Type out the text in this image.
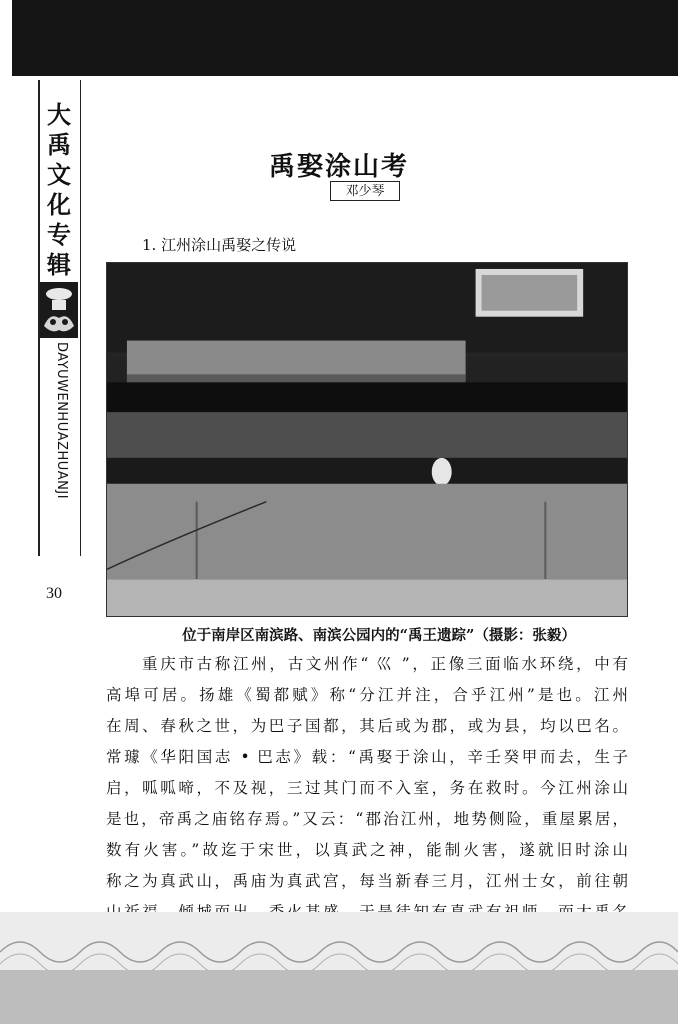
大禹文化专辑
DAYUWENHUAZHUANJI
30
禹娶涂山考
邓少琴
1. 江州涂山禹娶之传说
位于南岸区南滨路、南滨公园内的“禹王遗踪”（摄影：张毅）

重庆市古称江州，古文州作“ 巛 ”，正像三面临水环绕，中有

高埠可居。扬雄《蜀都赋》称“分江并注，合乎江州”是也。江州

在周、春秋之世，为巴子国都，其后或为郡，或为县，均以巴名。

常璩《华阳国志 • 巴志》载：“禹娶于涂山，辛壬癸甲而去，生子

启，呱呱啼，不及视，三过其门而不入室，务在救时。今江州涂山

是也，帝禹之庙铭存焉。”又云：“郡治江州，地势侧险，重屋累居，

数有火害。”故迄于宋世，以真武之神，能制火害，遂就旧时涂山

称之为真武山，禹庙为真武宫，每当新春三月，江州士女，前往朝
